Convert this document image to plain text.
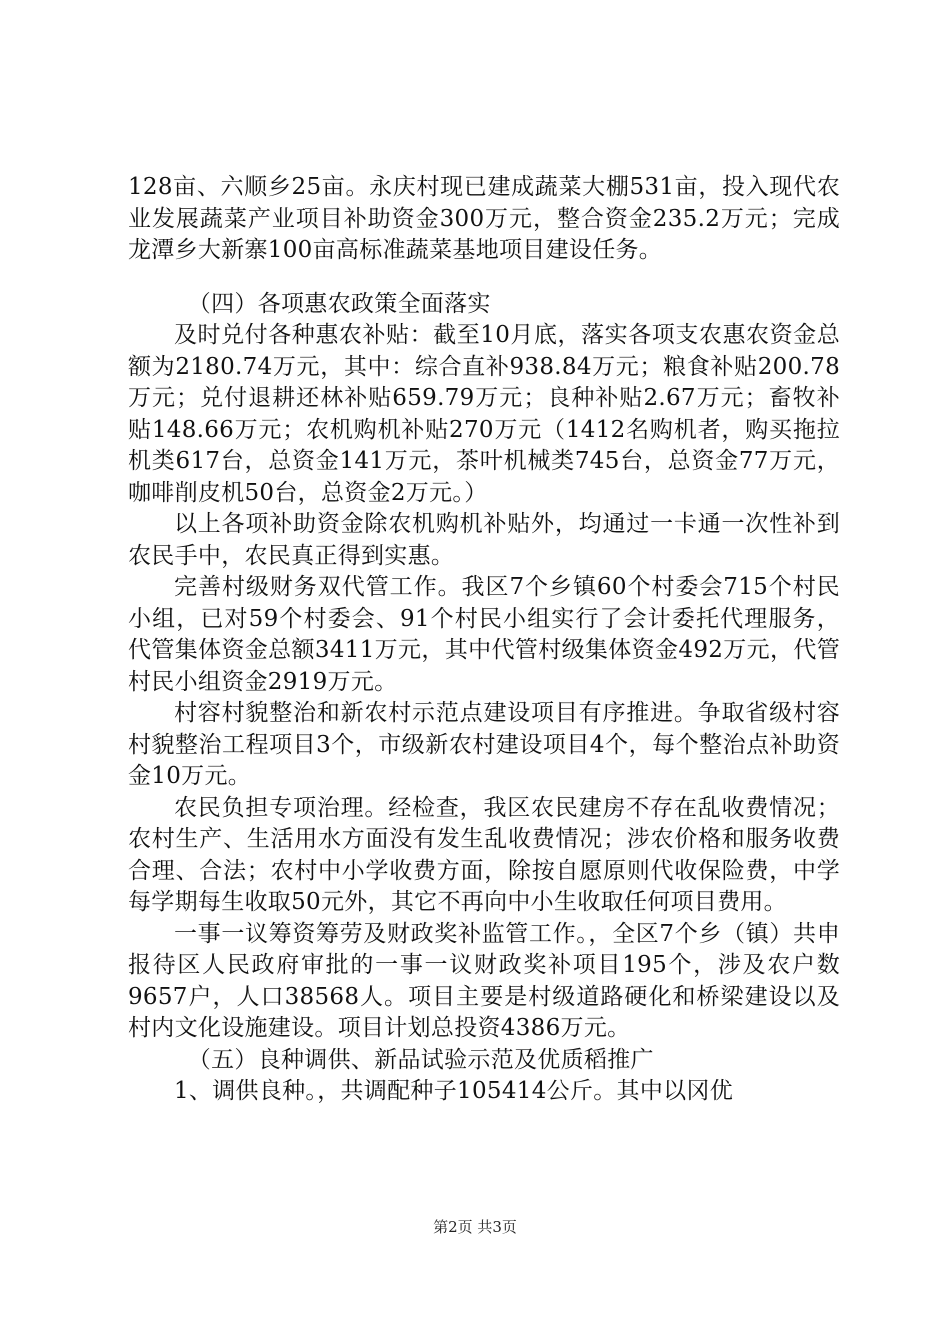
128亩、六顺乡25亩。永庆村现已建成蔬菜大棚531亩，投入现代农业发展蔬菜产业项目补助资金300万元，整合资金235.2万元；完成龙潭乡大新寨100亩高标准蔬菜基地项目建设任务。

（四）各项惠农政策全面落实

及时兑付各种惠农补贴：截至10月底，落实各项支农惠农资金总额为2180.74万元，其中：综合直补938.84万元；粮食补贴200.78万元；兑付退耕还林补贴659.79万元；良种补贴2.67万元；畜牧补贴148.66万元；农机购机补贴270万元（1412名购机者，购买拖拉机类617台，总资金141万元，茶叶机械类745台，总资金77万元，咖啡削皮机50台，总资金2万元。）

以上各项补助资金除农机购机补贴外，均通过一卡通一次性补到农民手中，农民真正得到实惠。

完善村级财务双代管工作。我区7个乡镇60个村委会715个村民小组，已对59个村委会、91个村民小组实行了会计委托代理服务，代管集体资金总额3411万元，其中代管村级集体资金492万元，代管村民小组资金2919万元。

村容村貌整治和新农村示范点建设项目有序推进。争取省级村容村貌整治工程项目3个，市级新农村建设项目4个，每个整治点补助资金10万元。

农民负担专项治理。经检查，我区农民建房不存在乱收费情况；农村生产、生活用水方面没有发生乱收费情况；涉农价格和服务收费合理、合法；农村中小学收费方面，除按自愿原则代收保险费，中学每学期每生收取50元外，其它不再向中小生收取任何项目费用。

一事一议筹资筹劳及财政奖补监管工作。，全区7个乡（镇）共申报待区人民政府审批的一事一议财政奖补项目195个，涉及农户数9657户，人口38568人。项目主要是村级道路硬化和桥梁建设以及村内文化设施建设。项目计划总投资4386万元。

（五）良种调供、新品试验示范及优质稻推广

1、调供良种。，共调配种子105414公斤。其中以冈优

第2页 共3页
